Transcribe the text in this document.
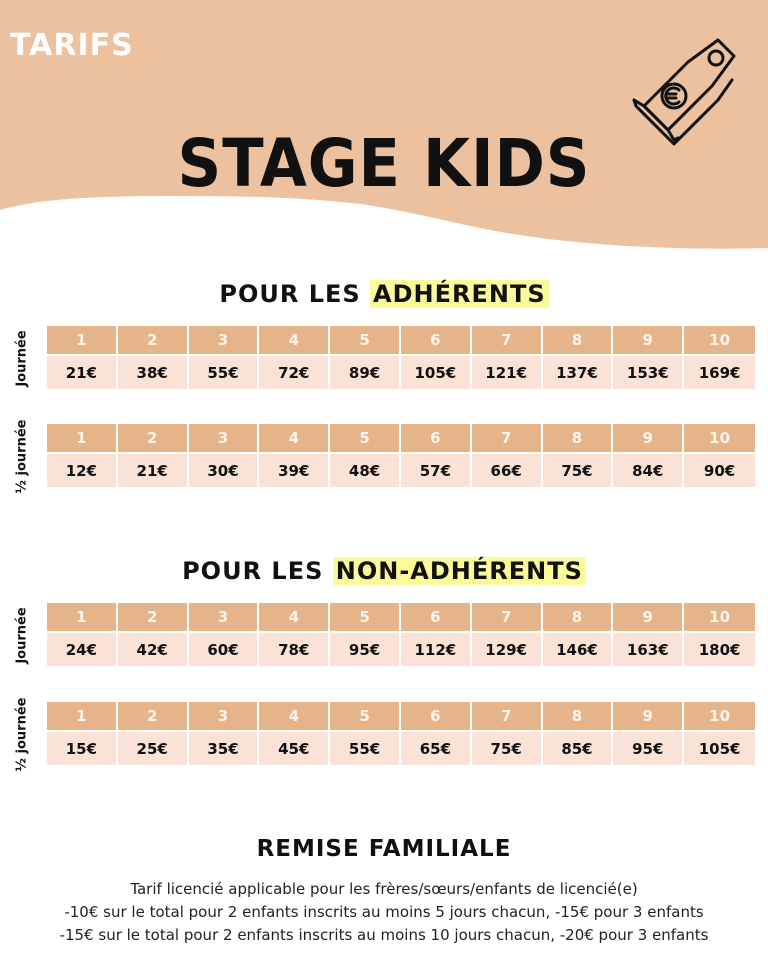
TARIFS
STAGE KIDS
POUR LES ADHÉRENTS
Journée	1	2	3	4	5	6	7	8	9	10
21€	38€	55€	72€	89€	105€	121€	137€	153€	169€
½ journée	1	2	3	4	5	6	7	8	9	10
12€	21€	30€	39€	48€	57€	66€	75€	84€	90€
POUR LES NON-ADHÉRENTS
Journée	1	2	3	4	5	6	7	8	9	10
24€	42€	60€	78€	95€	112€	129€	146€	163€	180€
½ journée	1	2	3	4	5	6	7	8	9	10
15€	25€	35€	45€	55€	65€	75€	85€	95€	105€
REMISE FAMILIALE
Tarif licencié applicable pour les frères/sœurs/enfants de licencié(e)
-10€ sur le total pour 2 enfants inscrits au moins 5 jours chacun, -15€ pour 3 enfants
-15€ sur le total pour 2 enfants inscrits au moins 10 jours chacun, -20€ pour 3 enfants
